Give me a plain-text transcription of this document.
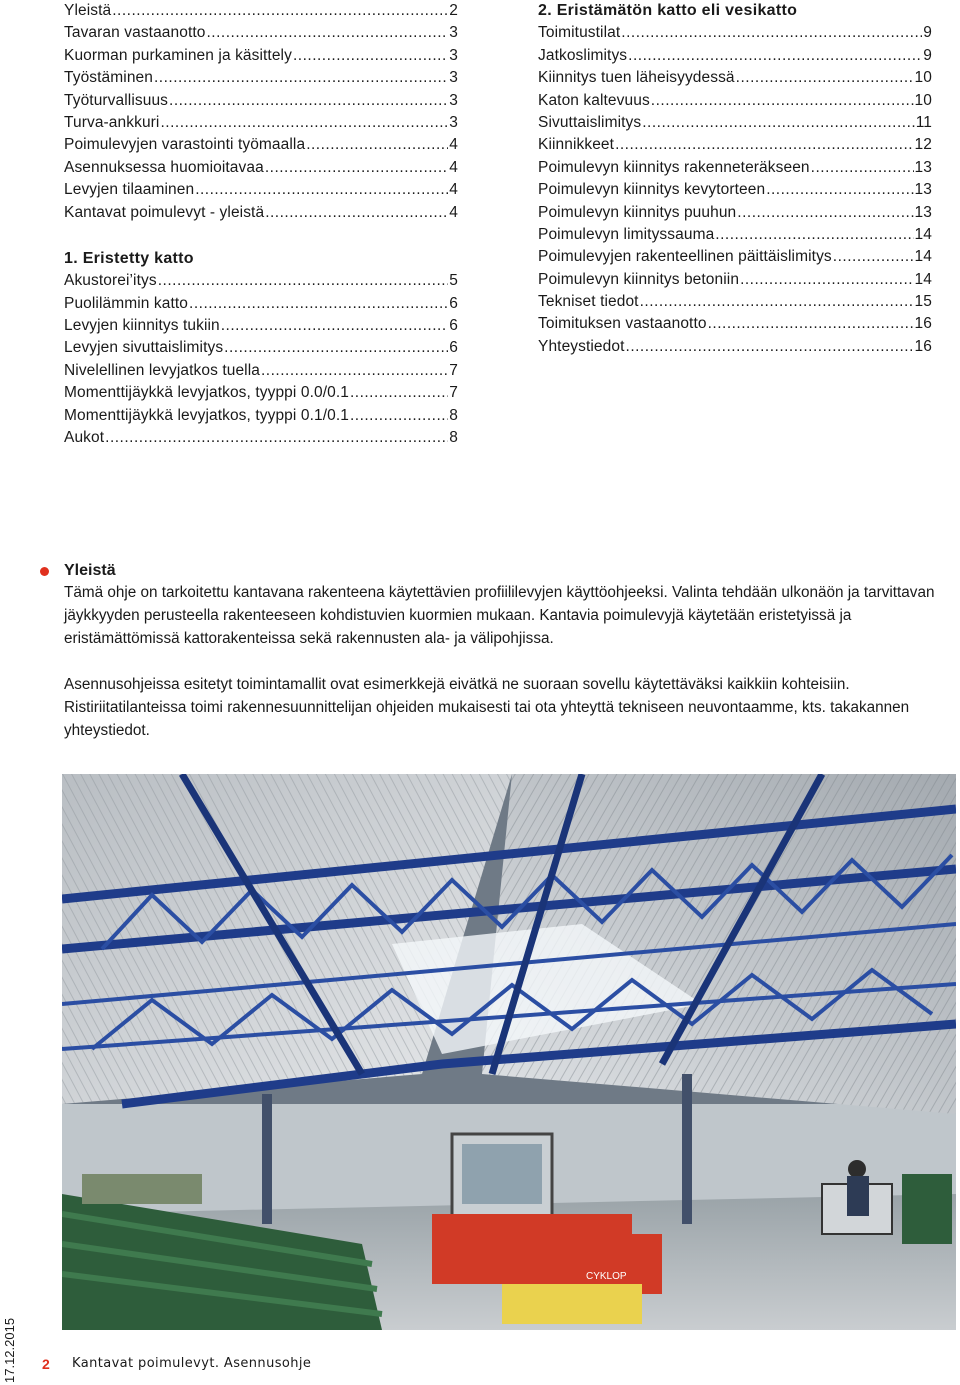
Yleistä .....	2
Tavaran vastaanotto .....	3
Kuorman purkaminen ja käsittely .....	3
Työstäminen .....	3
Työturvallisuus .....	3
Turva-ankkuri .....	3
Poimulevyjen varastointi työmaalla .....	4
Asennuksessa huomioitavaa .....	4
Levyjen tilaaminen .....	4
Kantavat poimulevyt - yleistä .....	4
1. Eristetty katto
Akustorei’itys .....	5
Puolilämmin katto .....	6
Levyjen kiinnitys tukiin .....	6
Levyjen sivuttaislimitys .....	6
Nivelellinen levyjatkos tuella .....	7
Momenttijäykkä levyjatkos, tyyppi 0.0/0.1 .....	7
Momenttijäykkä levyjatkos, tyyppi 0.1/0.1 .....	8
Aukot .....	8
2. Eristämätön katto eli vesikatto
Toimitustilat .....	9
Jatkoslimitys .....	9
Kiinnitys tuen läheisyydessä .....	10
Katon kaltevuus .....	10
Sivuttaislimitys .....	11
Kiinnikkeet .....	12
Poimulevyn kiinnitys rakenneteräkseen .....	13
Poimulevyn kiinnitys kevytorteen .....	13
Poimulevyn kiinnitys puuhun .....	13
Poimulevyn limityssauma .....	14
Poimulevyjen rakenteellinen päittäislimitys .....	14
Poimulevyn kiinnitys betoniin .....	14
Tekniset tiedot .....	15
Toimituksen vastaanotto .....	16
Yhteystiedot .....	16
Yleistä

Tämä ohje on tarkoitettu kantavana rakenteena käytettävien profiililevyjen käyttöohjeeksi. Valinta tehdään ulkonäön ja tarvittavan jäykkyyden perusteella rakenteeseen kohdistuvien kuormien mukaan. Kantavia poimulevyjä käytetään eristetyissä ja eristämättömissä kattorakenteissa sekä rakennusten ala- ja välipohjissa.

Asennusohjeissa esitetyt toimintamallit ovat esimerkkejä eivätkä ne suoraan sovellu käytettäväksi kaikkiin kohteisiin. Ristiriitatilanteissa toimi rakennesuunnittelijan ohjeiden mukaisesti tai ota yhteyttä tekniseen neuvontaamme, kts. takakannen yhteystiedot.

CYKLOP
2 Kantavat poimulevyt. Asennusohje
17.12.2015
